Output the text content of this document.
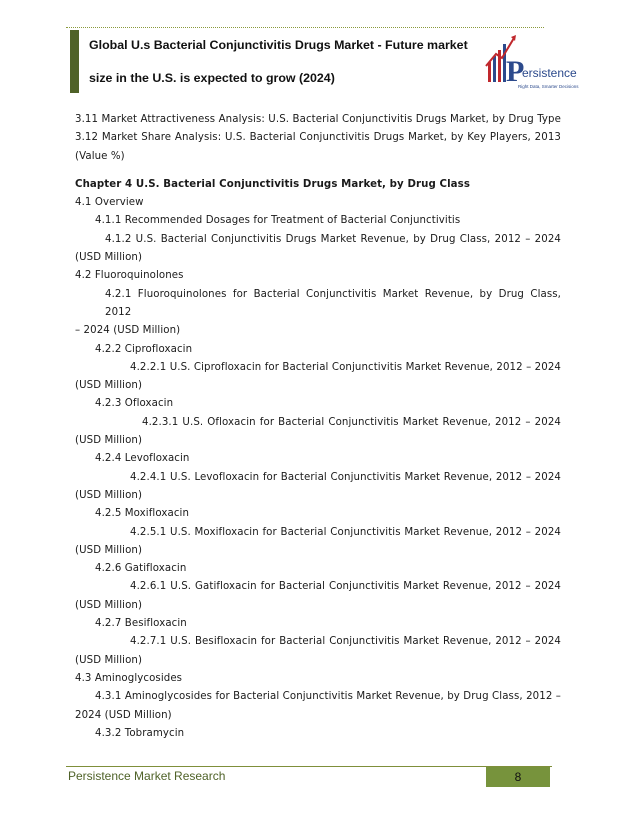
Global U.s Bacterial Conjunctivitis Drugs Market - Future market
size in the U.S. is expected to grow (2024)	P
ersistence
Right Data, Smarter Decisions
3.11 Market Attractiveness Analysis: U.S. Bacterial Conjunctivitis Drugs Market, by Drug Type
3.12 Market Share Analysis: U.S. Bacterial Conjunctivitis Drugs Market, by Key Players, 2013
(Value %)
Chapter 4 U.S. Bacterial Conjunctivitis Drugs Market, by Drug Class
4.1 Overview
4.1.1 Recommended Dosages for Treatment of Bacterial Conjunctivitis
4.1.2 U.S. Bacterial Conjunctivitis Drugs Market Revenue, by Drug Class, 2012 – 2024
(USD Million)
4.2 Fluoroquinolones
4.2.1 Fluoroquinolones for Bacterial Conjunctivitis Market Revenue, by Drug Class, 2012
– 2024 (USD Million)
4.2.2 Ciprofloxacin
4.2.2.1 U.S. Ciprofloxacin for Bacterial Conjunctivitis Market Revenue, 2012 – 2024
(USD Million)
4.2.3 Ofloxacin
4.2.3.1 U.S. Ofloxacin for Bacterial Conjunctivitis Market Revenue, 2012 – 2024
(USD Million)
4.2.4 Levofloxacin
4.2.4.1 U.S. Levofloxacin for Bacterial Conjunctivitis Market Revenue, 2012 – 2024
(USD Million)
4.2.5 Moxifloxacin
4.2.5.1 U.S. Moxifloxacin for Bacterial Conjunctivitis Market Revenue, 2012 – 2024
(USD Million)
4.2.6 Gatifloxacin
4.2.6.1 U.S. Gatifloxacin for Bacterial Conjunctivitis Market Revenue, 2012 – 2024
(USD Million)
4.2.7 Besifloxacin
4.2.7.1 U.S. Besifloxacin for Bacterial Conjunctivitis Market Revenue, 2012 – 2024
(USD Million)
4.3 Aminoglycosides
4.3.1 Aminoglycosides for Bacterial Conjunctivitis Market Revenue, by Drug Class, 2012 –
2024 (USD Million)
4.3.2 Tobramycin
Persistence Market Research	8
